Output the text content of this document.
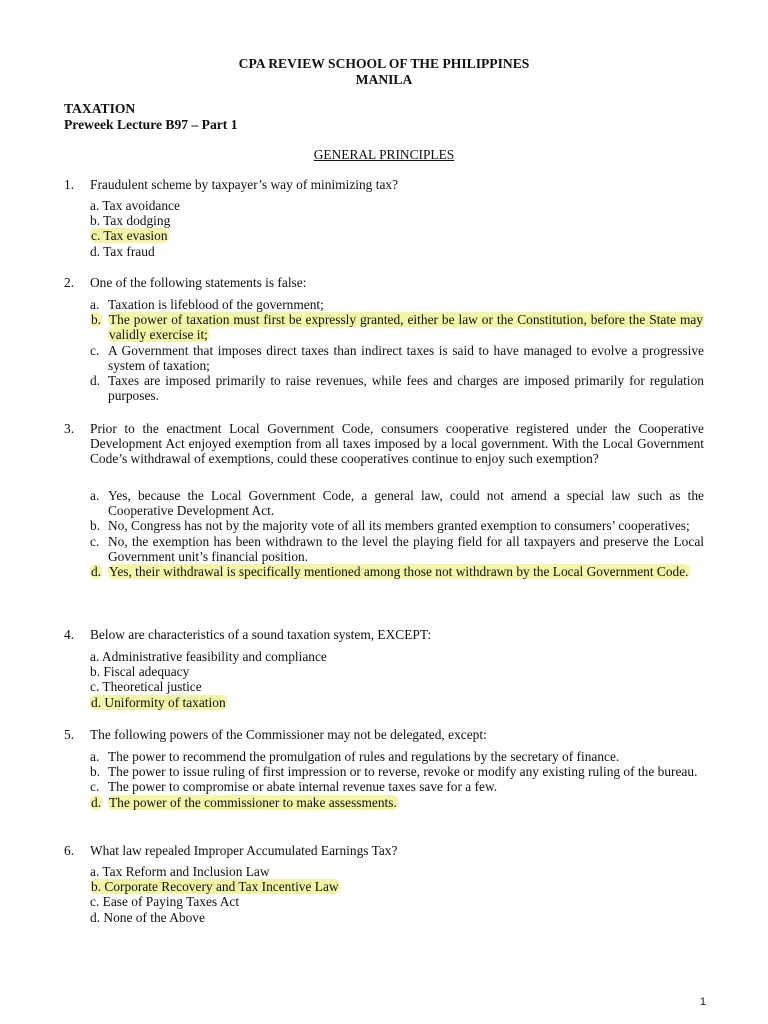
CPA REVIEW SCHOOL OF THE PHILIPPINES
MANILA
TAXATION
Preweek Lecture B97 – Part 1
GENERAL PRINCIPLES
1. Fraudulent scheme by taxpayer’s way of minimizing tax?
a. Tax avoidance
b. Tax dodging
c. Tax evasion
d. Tax fraud
2. One of the following statements is false:
a. Taxation is lifeblood of the government;
b. The power of taxation must first be expressly granted, either be law or the Constitution, before the State may validly exercise it;
c. A Government that imposes direct taxes than indirect taxes is said to have managed to evolve a progressive system of taxation;
d. Taxes are imposed primarily to raise revenues, while fees and charges are imposed primarily for regulation purposes.
3. Prior to the enactment Local Government Code, consumers cooperative registered under the Cooperative Development Act enjoyed exemption from all taxes imposed by a local government. With the Local Government Code’s withdrawal of exemptions, could these cooperatives continue to enjoy such exemption?
a. Yes, because the Local Government Code, a general law, could not amend a special law such as the Cooperative Development Act.
b. No, Congress has not by the majority vote of all its members granted exemption to consumers’ cooperatives;
c. No, the exemption has been withdrawn to the level the playing field for all taxpayers and preserve the Local Government unit’s financial position.
d. Yes, their withdrawal is specifically mentioned among those not withdrawn by the Local Government Code.
4. Below are characteristics of a sound taxation system, EXCEPT:
a. Administrative feasibility and compliance
b. Fiscal adequacy
c. Theoretical justice
d. Uniformity of taxation
5. The following powers of the Commissioner may not be delegated, except:
a. The power to recommend the promulgation of rules and regulations by the secretary of finance.
b. The power to issue ruling of first impression or to reverse, revoke or modify any existing ruling of the bureau.
c. The power to compromise or abate internal revenue taxes save for a few.
d. The power of the commissioner to make assessments.
6. What law repealed Improper Accumulated Earnings Tax?
a. Tax Reform and Inclusion Law
b. Corporate Recovery and Tax Incentive Law
c. Ease of Paying Taxes Act
d. None of the Above
1
